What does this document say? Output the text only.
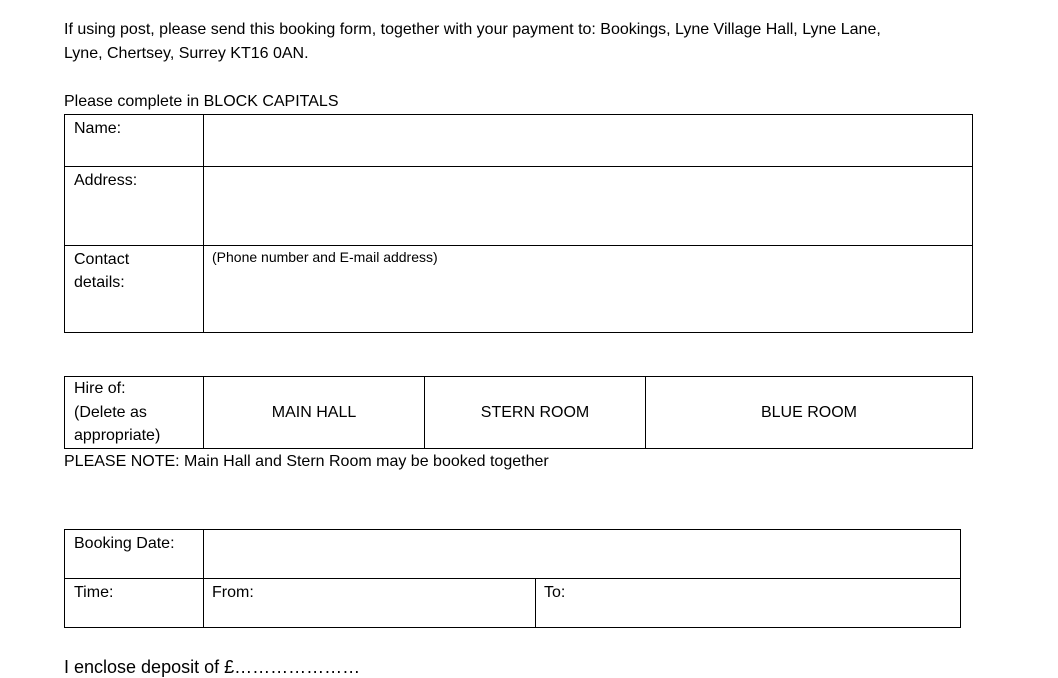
If using post, please send this booking form, together with your payment to: Bookings, Lyne Village Hall, Lyne Lane,
Lyne, Chertsey, Surrey KT16 0AN.
Please complete in BLOCK CAPITALS
Name:	
Address:	

Contact
details:	(Phone number and E-mail address)
Hire of:
(Delete as
appropriate)
	MAIN HALL	STERN ROOM	BLUE ROOM
PLEASE NOTE: Main Hall and Stern Room may be booked together
Booking Date:		
Time:	From:	To:
I enclose deposit of £…………………
